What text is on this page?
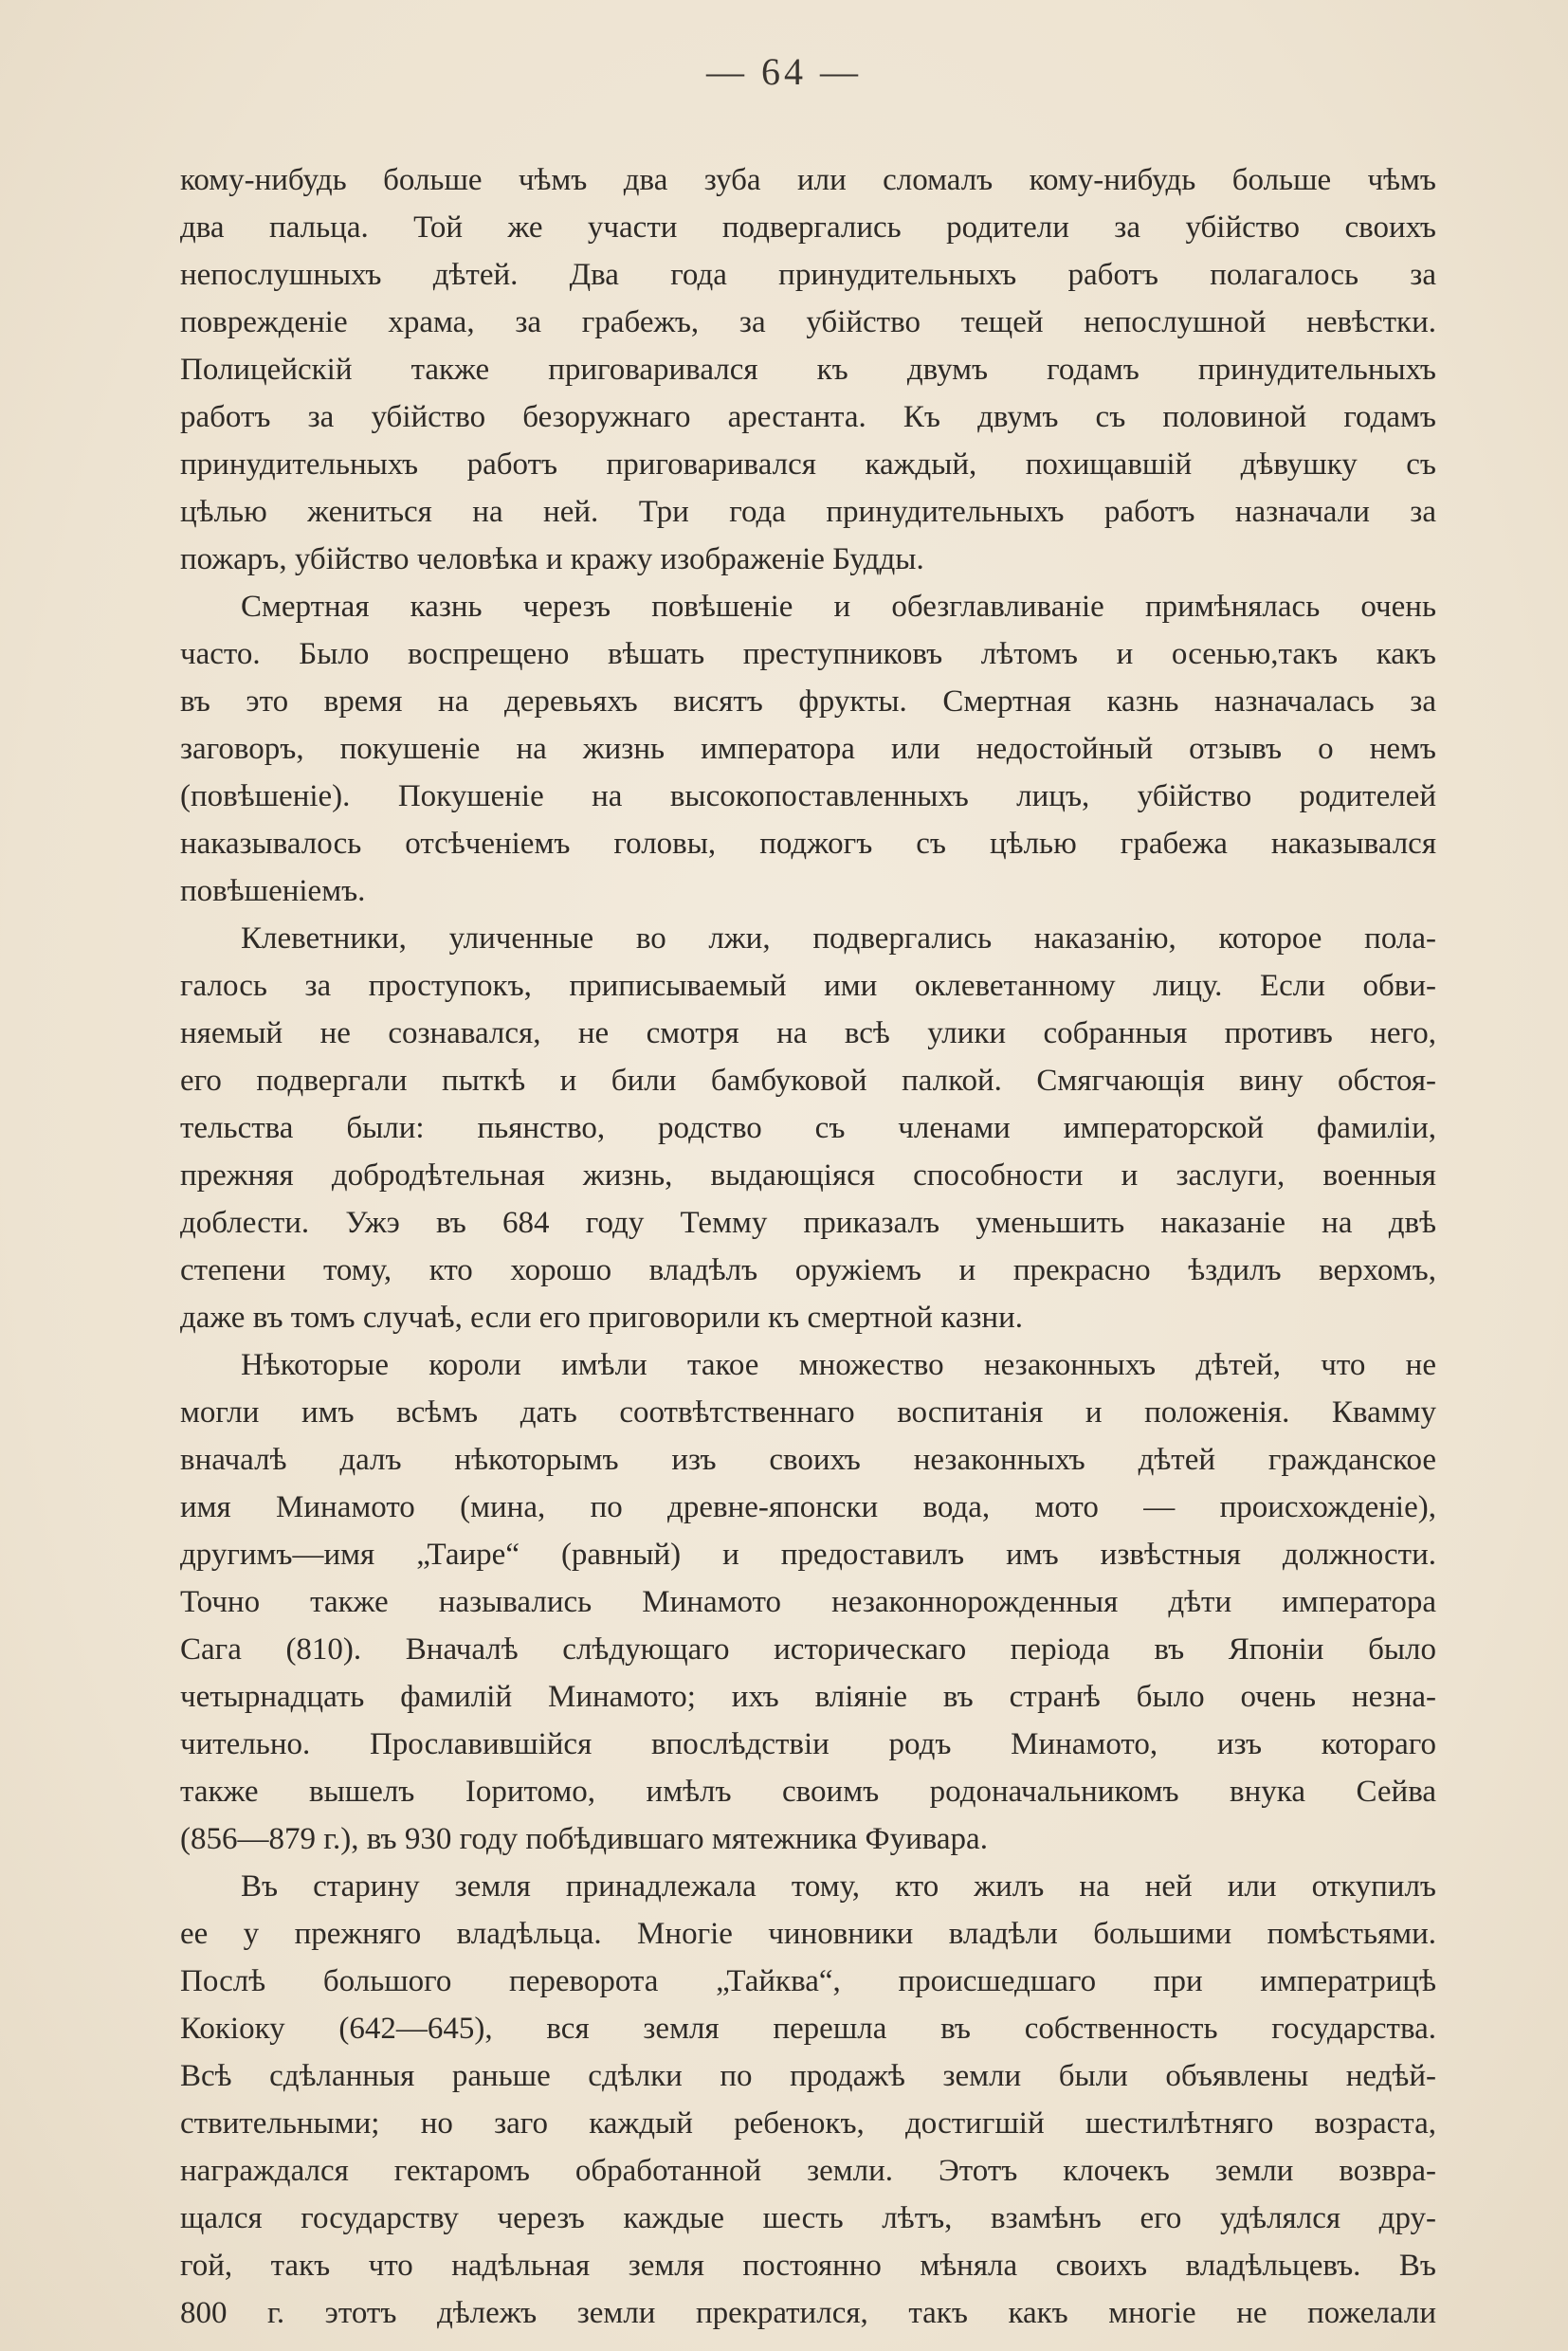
— 64 —
кому-нибудь больше чѣмъ два зуба или сломалъ кому-нибудь больше чѣмъ
два пальца. Той же участи подвергались родители за убійство своихъ
непослушныхъ дѣтей. Два года принудительныхъ работъ полагалось за
поврежденіе храма, за грабежъ, за убійство тещей непослушной невѣстки.
Полицейскій также приговаривался къ двумъ годамъ принудительныхъ
работъ за убійство безоружнаго арестанта. Къ двумъ съ половиной годамъ
принудительныхъ работъ приговаривался каждый, похищавшій дѣвушку съ
цѣлью жениться на ней. Три года принудительныхъ работъ назначали за
пожаръ, убійство человѣка и кражу изображеніе Будды.
Смертная казнь черезъ повѣшеніе и обезглавливаніе примѣнялась очень
часто. Было воспрещено вѣшать преступниковъ лѣтомъ и осенью,такъ какъ
въ это время на деревьяхъ висятъ фрукты. Смертная казнь назначалась за
заговоръ, покушеніе на жизнь императора или недостойный отзывъ о немъ
(повѣшеніе). Покушеніе на высокопоставленныхъ лицъ, убійство родителей
наказывалось отсѣченіемъ головы, поджогъ съ цѣлью грабежа наказывался
повѣшеніемъ.
Клеветники, уличенные во лжи, подвергались наказанію, которое пола-
галось за проступокъ, приписываемый ими оклеветанному лицу. Если обви-
няемый не сознавался, не смотря на всѣ улики собранныя противъ него,
его подвергали пыткѣ и били бамбуковой палкой. Смягчающія вину обстоя-
тельства были: пьянство, родство съ членами императорской фамиліи,
прежняя добродѣтельная жизнь, выдающіяся способности и заслуги, военныя
доблести. Ужэ въ 684 году Темму приказалъ уменьшить наказаніе на двѣ
степени тому, кто хорошо владѣлъ оружіемъ и прекрасно ѣздилъ верхомъ,
даже въ томъ случаѣ, если его приговорили къ смертной казни.
Нѣкоторые короли имѣли такое множество незаконныхъ дѣтей, что не
могли имъ всѣмъ дать соотвѣтственнаго воспитанія и положенія. Кваммy
вначалѣ далъ нѣкоторымъ изъ своихъ незаконныхъ дѣтей гражданское
имя Минамото (мина, по древне-японски вода, мото — происхожденіе),
другимъ—имя „Таирe“ (равный) и предоставилъ имъ извѣстныя должности.
Точно также назывались Минамото незаконнорожденныя дѣти императора
Сага (810). Вначалѣ слѣдующаго историческаго періода въ Японіи было
четырнадцать фамилій Минамото; ихъ вліяніе въ странѣ было очень незна-
чительно. Прославившійся впослѣдствіи родъ Минамото, изъ котораго
также вышелъ Іоритомо, имѣлъ своимъ родоначальникомъ внука Сейва
(856—879 г.), въ 930 году побѣдившаго мятежника Фуивара.
Въ старину земля принадлежала тому, кто жилъ на ней или откупилъ
ее у прежняго владѣльца. Многіе чиновники владѣли большими помѣстьями.
Послѣ большого переворота „Тайква“, происшедшаго при императрицѣ
Кокіоку (642—645), вся земля перешла въ собственность государства.
Всѣ сдѣланныя раньше сдѣлки по продажѣ земли были объявлены недѣй-
ствительными; но заго каждый ребенокъ, достигшій шестилѣтняго возраста,
награждался гектаромъ обработанной земли. Этотъ клочекъ земли возвра-
щался государству черезъ каждые шесть лѣтъ, взамѣнъ его удѣлялся дру-
гой, такъ что надѣльная земля постоянно мѣняла своихъ владѣльцевъ. Въ
800 г. этотъ дѣлежъ земли прекратился, такъ какъ многіе не пожелали
